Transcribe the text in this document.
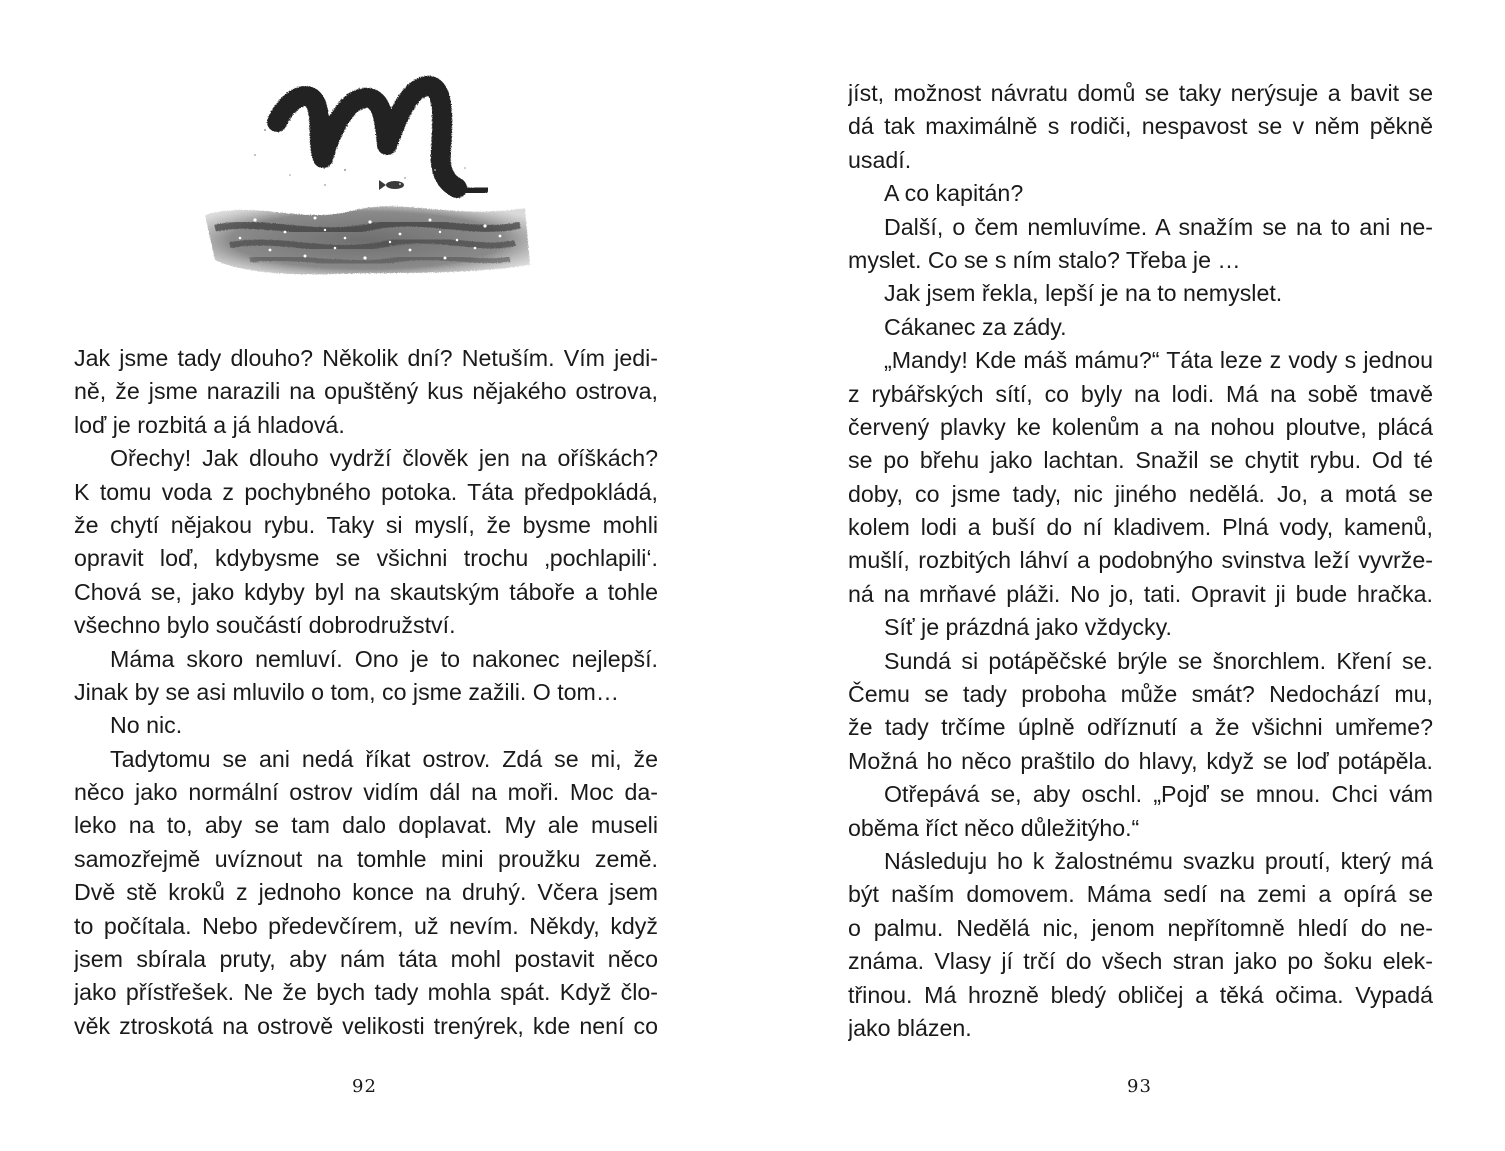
Jak jsme tady dlouho? Několik dní? Netuším. Vím jedi-
ně, že jsme narazili na opuštěný kus nějakého ostrova,
loď je rozbitá a já hladová.
Ořechy! Jak dlouho vydrží člověk jen na oříškách?
K tomu voda z pochybného potoka. Táta předpokládá,
že chytí nějakou rybu. Taky si myslí, že bysme mohli
opravit loď, kdybysme se všichni trochu ‚pochlapili‘.
Chová se, jako kdyby byl na skautským táboře a tohle
všechno bylo součástí dobrodružství.
Máma skoro nemluví. Ono je to nakonec nejlepší.
Jinak by se asi mluvilo o tom, co jsme zažili. O tom…
No nic.
Tadytomu se ani nedá říkat ostrov. Zdá se mi, že
něco jako normální ostrov vidím dál na moři. Moc da-
leko na to, aby se tam dalo doplavat. My ale museli
samozřejmě uvíznout na tomhle mini proužku země.
Dvě stě kroků z jednoho konce na druhý. Včera jsem
to počítala. Nebo předevčírem, už nevím. Někdy, když
jsem sbírala pruty, aby nám táta mohl postavit něco
jako přístřešek. Ne že bych tady mohla spát. Když člo-
věk ztroskotá na ostrově velikosti trenýrek, kde není co
92
jíst, možnost návratu domů se taky nerýsuje a bavit se
dá tak maximálně s rodiči, nespavost se v něm pěkně
usadí.
A co kapitán?
Další, o čem nemluvíme. A snažím se na to ani ne-
myslet. Co se s ním stalo? Třeba je …
Jak jsem řekla, lepší je na to nemyslet.
Cákanec za zády.
„Mandy! Kde máš mámu?“ Táta leze z vody s jednou
z rybářských sítí, co byly na lodi. Má na sobě tmavě
červený plavky ke kolenům a na nohou ploutve, plácá
se po břehu jako lachtan. Snažil se chytit rybu. Od té
doby, co jsme tady, nic jiného nedělá. Jo, a motá se
kolem lodi a buší do ní kladivem. Plná vody, kamenů,
mušlí, rozbitých láhví a podobnýho svinstva leží vyvrže-
ná na mrňavé pláži. No jo, tati. Opravit ji bude hračka.
Síť je prázdná jako vždycky.
Sundá si potápěčské brýle se šnorchlem. Kření se.
Čemu se tady proboha může smát? Nedochází mu,
že tady trčíme úplně odříznutí a že všichni umřeme?
Možná ho něco praštilo do hlavy, když se loď potápěla.
Otřepává se, aby oschl. „Pojď se mnou. Chci vám
oběma říct něco důležitýho.“
Následuju ho k žalostnému svazku proutí, který má
být naším domovem. Máma sedí na zemi a opírá se
o palmu. Nedělá nic, jenom nepřítomně hledí do ne-
známa. Vlasy jí trčí do všech stran jako po šoku elek-
třinou. Má hrozně bledý obličej a těká očima. Vypadá
jako blázen.
93
